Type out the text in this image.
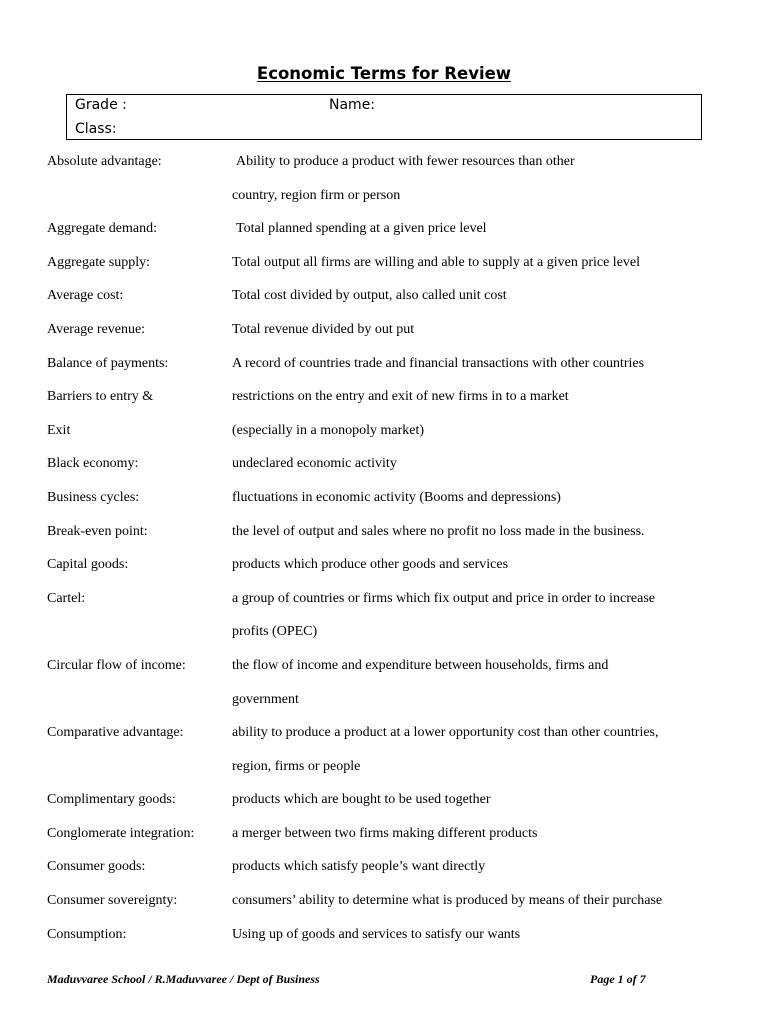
Economic Terms for Review
Grade :	Name:
Class:
Absolute advantage:	Ability to produce a product with fewer resources than other
country, region firm or person
Aggregate demand:	Total planned spending at a given price level
Aggregate supply:	Total output all firms are willing and able to supply at a given price level
Average cost:	Total cost divided by output, also called unit cost
Average revenue:	Total revenue divided by out put
Balance of payments:	A record of countries trade and financial transactions with other countries
Barriers to entry &	restrictions on the entry and exit of new firms in to a market
Exit	(especially in a monopoly market)
Black economy:	undeclared economic activity
Business cycles:	fluctuations in economic activity (Booms and depressions)
Break-even point:	the level of output and sales where no profit no loss made in the business.
Capital goods:	products which produce other goods and services
Cartel:	a group of countries or firms which fix output and price in order to increase
profits (OPEC)
Circular flow of income:	the flow of income and expenditure between households, firms and
government
Comparative advantage:	ability to produce a product at a lower opportunity cost than other countries,
region, firms or people
Complimentary goods:	products which are bought to be used together
Conglomerate integration:	a merger between two firms making different products
Consumer goods:	products which satisfy people’s want directly
Consumer sovereignty:	consumers’ ability to determine what is produced by means of their purchase
Consumption:	Using up of goods and services to satisfy our wants
Maduvvaree School / R.Maduvvaree / Dept of Business	Page 1 of 7
